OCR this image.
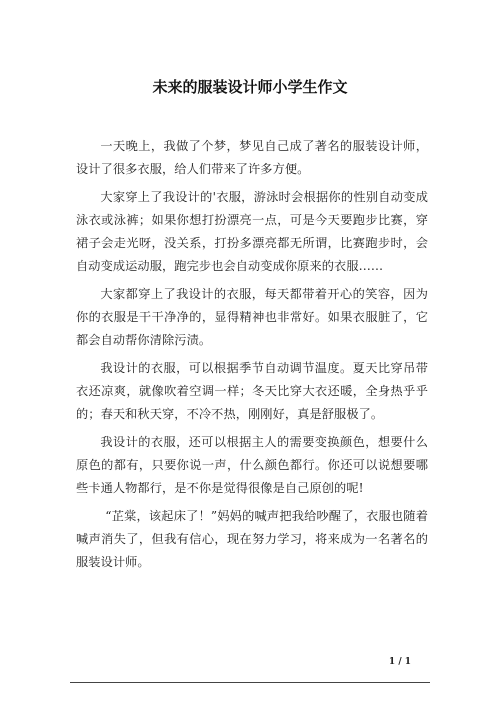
未来的服装设计师小学生作文

一天晚上，我做了个梦，梦见自己成了著名的服装设计师，设计了很多衣服，给人们带来了许多方便。

大家穿上了我设计的'衣服，游泳时会根据你的性别自动变成泳衣或泳裤；如果你想打扮漂亮一点，可是今天要跑步比赛，穿裙子会走光呀，没关系，打扮多漂亮都无所谓，比赛跑步时，会自动变成运动服，跑完步也会自动变成你原来的衣服……

大家都穿上了我设计的衣服，每天都带着开心的笑容，因为你的衣服是干干净净的，显得精神也非常好。如果衣服脏了，它都会自动帮你清除污渍。

我设计的衣服，可以根据季节自动调节温度。夏天比穿吊带衣还凉爽，就像吹着空调一样；冬天比穿大衣还暖，全身热乎乎的；春天和秋天穿，不冷不热，刚刚好，真是舒服极了。

我设计的衣服，还可以根据主人的需要变换颜色，想要什么原色的都有，只要你说一声，什么颜色都行。你还可以说想要哪些卡通人物都行，是不你是觉得很像是自己原创的呢!

“芷棠，该起床了！”妈妈的喊声把我给吵醒了，衣服也随着喊声消失了，但我有信心，现在努力学习，将来成为一名著名的服装设计师。

1 / 1
